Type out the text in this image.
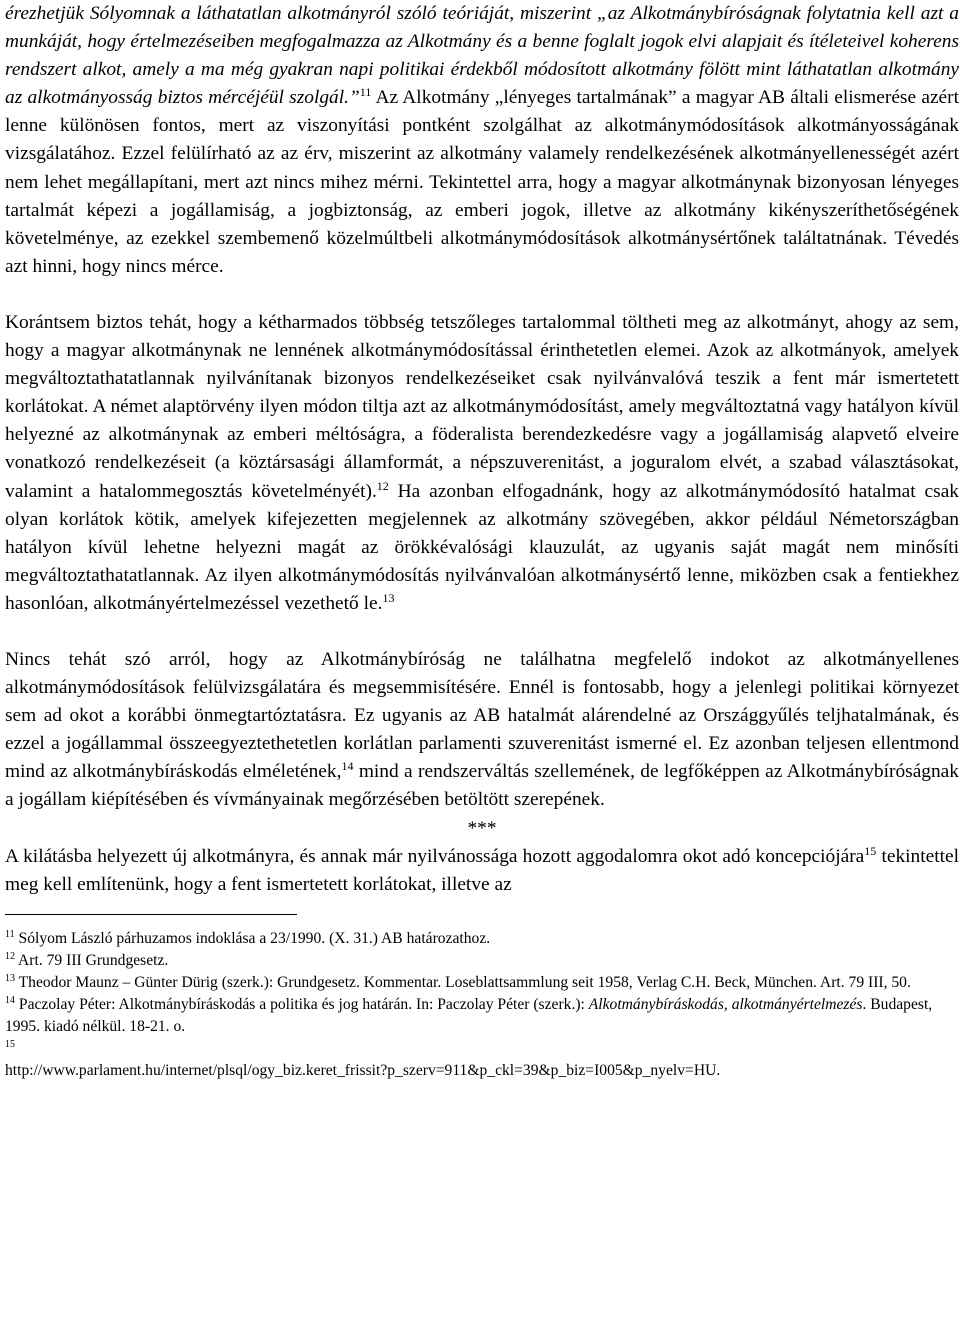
érezhetjük Sólyomnak a láthatatlan alkotmányról szóló teóriáját, miszerint „az Alkotmánybíróságnak folytatnia kell azt a munkáját, hogy értelmezéseiben megfogalmazza az Alkotmány és a benne foglalt jogok elvi alapjait és ítéleteivel koherens rendszert alkot, amely a ma még gyakran napi politikai érdekből módosított alkotmány fölött mint láthatatlan alkotmány az alkotmányosság biztos mércéjéül szolgál.”$^{11}$ Az Alkotmány „lényeges tartalmának” a magyar AB általi elismerése azért lenne különösen fontos, mert az viszonyítási pontként szolgálhat az alkotmánymódosítások alkotmányosságának vizsgálatához. Ezzel felülírható az az érv, miszerint az alkotmány valamely rendelkezésének alkotmányellenességét azért nem lehet megállapítani, mert azt nincs mihez mérni. Tekintettel arra, hogy a magyar alkotmánynak bizonyosan lényeges tartalmát képezi a jogállamiság, a jogbiztonság, az emberi jogok, illetve az alkotmány kikényszeríthetőségének követelménye, az ezekkel szembemenő közelmúltbeli alkotmánymódosítások alkotmánysértőnek találtatnának. Tévedés azt hinni, hogy nincs mérce.

Korántsem biztos tehát, hogy a kétharmados többség tetszőleges tartalommal töltheti meg az alkotmányt, ahogy az sem, hogy a magyar alkotmánynak ne lennének alkotmánymódosítással érinthetetlen elemei. Azok az alkotmányok, amelyek megváltoztathatatlannak nyilvánítanak bizonyos rendelkezéseiket csak nyilvánvalóvá teszik a fent már ismertetett korlátokat. A német alaptörvény ilyen módon tiltja azt az alkotmánymódosítást, amely megváltoztatná vagy hatályon kívül helyezné az alkotmánynak az emberi méltóságra, a föderalista berendezkedésre vagy a jogállamiság alapvető elveire vonatkozó rendelkezéseit (a köztársasági államformát, a népszuverenitást, a joguralom elvét, a szabad választásokat, valamint a hatalommegosztás követelményét).$^{12}$ Ha azonban elfogadnánk, hogy az alkotmánymódosító hatalmat csak olyan korlátok kötik, amelyek kifejezetten megjelennek az alkotmány szövegében, akkor például Németországban hatályon kívül lehetne helyezni magát az örökkévalósági klauzulát, az ugyanis saját magát nem minősíti megváltoztathatatlannak. Az ilyen alkotmánymódosítás nyilvánvalóan alkotmánysértő lenne, miközben csak a fentiekhez hasonlóan, alkotmányértelmezéssel vezethető le.$^{13}$

Nincs tehát szó arról, hogy az Alkotmánybíróság ne találhatna megfelelő indokot az alkotmányellenes alkotmánymódosítások felülvizsgálatára és megsemmisítésére. Ennél is fontosabb, hogy a jelenlegi politikai környezet sem ad okot a korábbi önmegtartóztatásra. Ez ugyanis az AB hatalmát alárendelné az Országgyűlés teljhatalmának, és ezzel a jogállammal összeegyeztethetetlen korlátlan parlamenti szuverenitást ismerné el. Ez azonban teljesen ellentmond mind az alkotmánybíráskodás elméletének,$^{14}$ mind a rendszerváltás szellemének, de legfőképpen az Alkotmánybíróságnak a jogállam kiépítésében és vívmányainak megőrzésében betöltött szerepének.

***

A kilátásba helyezett új alkotmányra, és annak már nyilvánossága hozott aggodalomra okot adó koncepciójára$^{15}$ tekintettel meg kell említenünk, hogy a fent ismertetett korlátokat, illetve az

$^{11}$ Sólyom László párhuzamos indoklása a 23/1990. (X. 31.) AB határozathoz.

$^{12}$ Art. 79 III Grundgesetz.

$^{13}$ Theodor Maunz – Günter Dürig (szerk.): Grundgesetz. Kommentar. Loseblattsammlung seit 1958, Verlag C.H. Beck, München. Art. 79 III, 50.

$^{14}$ Paczolay Péter: Alkotmánybíráskodás a politika és jog határán. In: Paczolay Péter (szerk.): Alkotmánybíráskodás, alkotmányértelmezés. Budapest, 1995. kiadó nélkül. 18-21. o.

$^{15}$
http://www.parlament.hu/internet/plsql/ogy_biz.keret_frissit?p_szerv=911&p_ckl=39&p_biz=I005&p_nyelv=HU.
